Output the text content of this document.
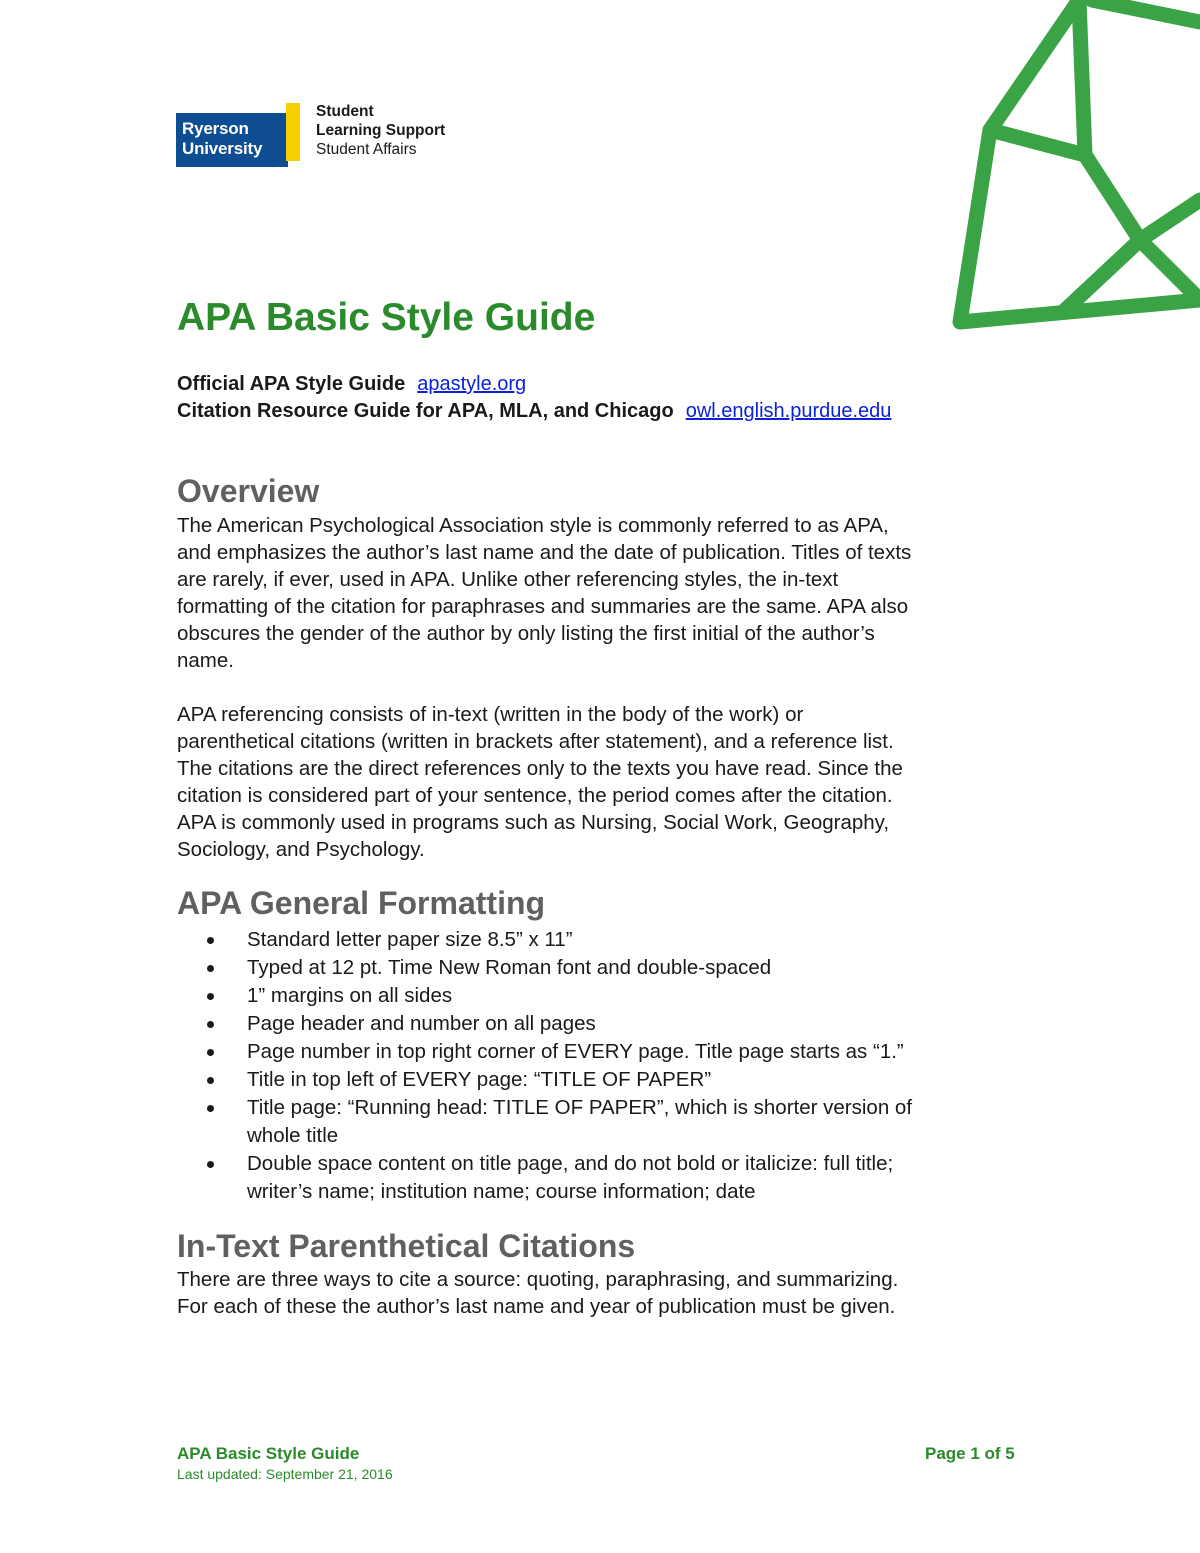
Ryerson
University
Student
Learning Support
Student Affairs
APA Basic Style Guide
Official APA Style Guide apastyle.org
Citation Resource Guide for APA, MLA, and Chicago owl.english.purdue.edu
Overview
The American Psychological Association style is commonly referred to as APA,
and emphasizes the author’s last name and the date of publication. Titles of texts
are rarely, if ever, used in APA. Unlike other referencing styles, the in-text
formatting of the citation for paraphrases and summaries are the same. APA also
obscures the gender of the author by only listing the first initial of the author’s
name.
APA referencing consists of in-text (written in the body of the work) or
parenthetical citations (written in brackets after statement), and a reference list.
The citations are the direct references only to the texts you have read. Since the
citation is considered part of your sentence, the period comes after the citation.
APA is commonly used in programs such as Nursing, Social Work, Geography,
Sociology, and Psychology.
APA General Formatting
Standard letter paper size 8.5” x 11”
Typed at 12 pt. Time New Roman font and double-spaced
1” margins on all sides
Page header and number on all pages
Page number in top right corner of EVERY page. Title page starts as “1.”
Title in top left of EVERY page: “TITLE OF PAPER”
Title page: “Running head: TITLE OF PAPER”, which is shorter version of
whole title
Double space content on title page, and do not bold or italicize: full title;
writer’s name; institution name; course information; date
In-Text Parenthetical Citations
There are three ways to cite a source: quoting, paraphrasing, and summarizing.
For each of these the author’s last name and year of publication must be given.
APA Basic Style Guide
Last updated: September 21, 2016
Page 1 of 5
